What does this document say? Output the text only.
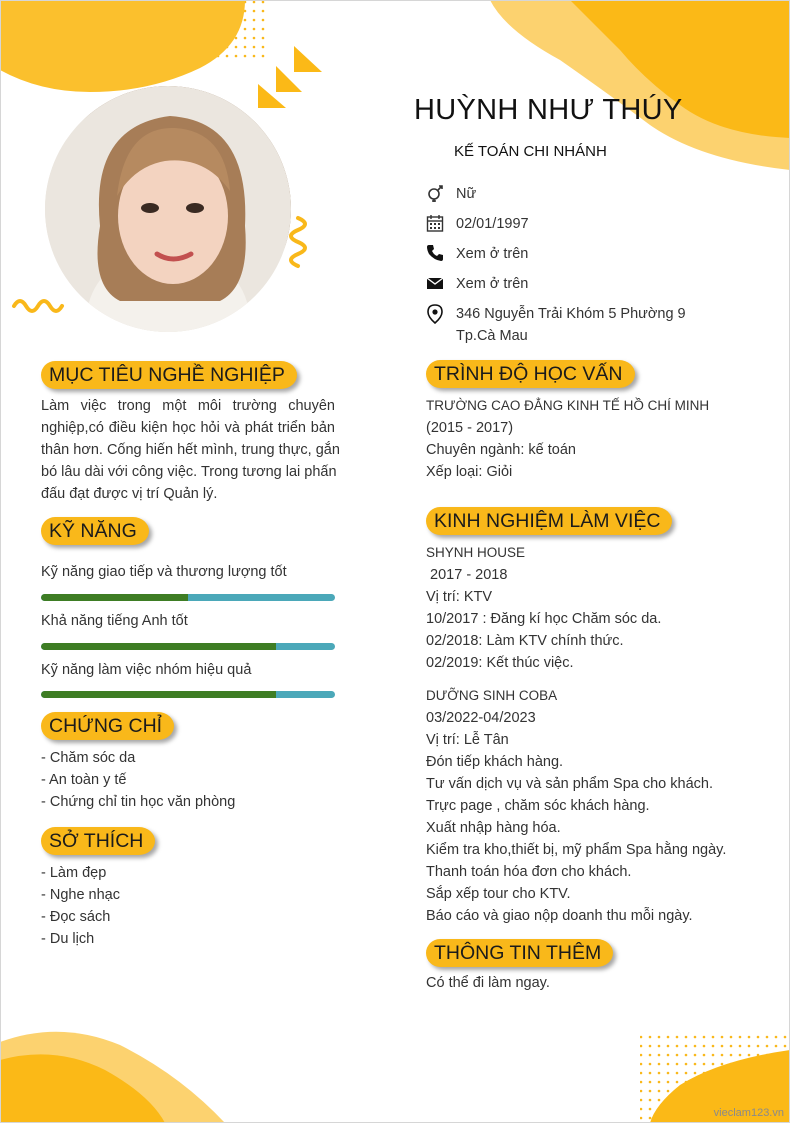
HUỲNH NHƯ THÚY
KẾ TOÁN CHI NHÁNH
Nữ
02/01/1997
Xem ở trên
Xem ở trên
346 Nguyễn Trải Khóm 5 Phường 9 Tp.Cà Mau
MỤC TIÊU NGHỀ NGHIỆP
Làm việc trong một môi trường chuyên
nghiệp,có điều kiện học hỏi và phát triển bản
thân hơn. Cống hiến hết mình, trung thực, gắn
bó lâu dài với công việc. Trong tương lai phấn
đấu đạt được vị trí Quản lý.
KỸ NĂNG
Kỹ năng giao tiếp và thương lượng tốt
Khả năng tiếng Anh tốt
Kỹ năng làm việc nhóm hiệu quả
CHỨNG CHỈ
- Chăm sóc da
- An toàn y tế
- Chứng chỉ tin học văn phòng
SỞ THÍCH
- Làm đẹp
- Nghe nhạc
- Đọc sách
- Du lịch
TRÌNH ĐỘ HỌC VẤN
TRƯỜNG CAO ĐẲNG KINH TẾ HỒ CHÍ MINH
(2015 - 2017)
Chuyên ngành: kế toán
Xếp loại: Giỏi
KINH NGHIỆM LÀM VIỆC
SHYNH HOUSE
2017 - 2018
Vị trí: KTV
10/2017 : Đăng kí học Chăm sóc da.
02/2018: Làm KTV chính thức.
02/2019: Kết thúc việc.
DƯỠNG SINH COBA
03/2022-04/2023
Vị trí: Lễ Tân
Đón tiếp khách hàng.
Tư vấn dịch vụ và sản phẩm Spa cho khách.
Trực page , chăm sóc khách hàng.
Xuất nhập hàng hóa.
Kiểm tra kho,thiết bị, mỹ phẩm Spa hằng ngày.
Thanh toán hóa đơn cho khách.
Sắp xếp tour cho KTV.
Báo cáo và giao nộp doanh thu mỗi ngày.
THÔNG TIN THÊM
Có thể đi làm ngay.
vieclam123.vn
